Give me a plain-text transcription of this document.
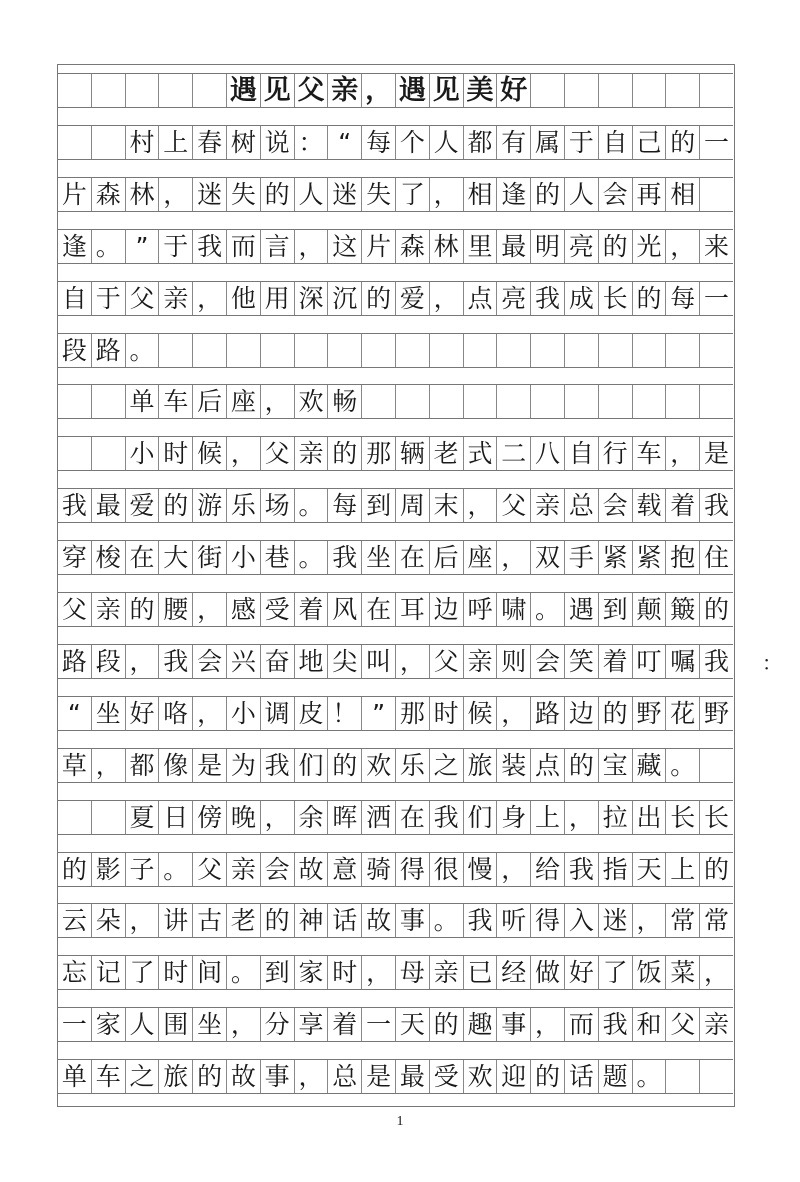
遇 见 父 亲 ， 遇 见 美 好
村 上 春 树 说 ： “ 每 个 人 都 有 属 于 自 己 的 一
片 森 林 ， 迷 失 的 人 迷 失 了 ， 相 逢 的 人 会 再 相
逢 。 ” 于 我 而 言 ， 这 片 森 林 里 最 明 亮 的 光 ， 来
自 于 父 亲 ， 他 用 深 沉 的 爱 ， 点 亮 我 成 长 的 每 一
段 路 。
单 车 后 座 ， 欢 畅
小 时 候 ， 父 亲 的 那 辆 老 式 二 八 自 行 车 ， 是
我 最 爱 的 游 乐 场 。 每 到 周 末 ， 父 亲 总 会 载 着 我
穿 梭 在 大 街 小 巷 。 我 坐 在 后 座 ， 双 手 紧 紧 抱 住
父 亲 的 腰 ， 感 受 着 风 在 耳 边 呼 啸 。 遇 到 颠 簸 的
路 段 ， 我 会 兴 奋 地 尖 叫 ， 父 亲 则 会 笑 着 叮 嘱 我
“ 坐 好 咯 ， 小 调 皮 ！ ” 那 时 候 ， 路 边 的 野 花 野
草 ， 都 像 是 为 我 们 的 欢 乐 之 旅 装 点 的 宝 藏 。
夏 日 傍 晚 ， 余 晖 洒 在 我 们 身 上 ， 拉 出 长 长
的 影 子 。 父 亲 会 故 意 骑 得 很 慢 ， 给 我 指 天 上 的
云 朵 ， 讲 古 老 的 神 话 故 事 。 我 听 得 入 迷 ， 常 常
忘 记 了 时 间 。 到 家 时 ， 母 亲 已 经 做 好 了 饭 菜 ，
一 家 人 围 坐 ， 分 享 着 一 天 的 趣 事 ， 而 我 和 父 亲
单 车 之 旅 的 故 事 ， 总 是 最 受 欢 迎 的 话 题 。
：
1
